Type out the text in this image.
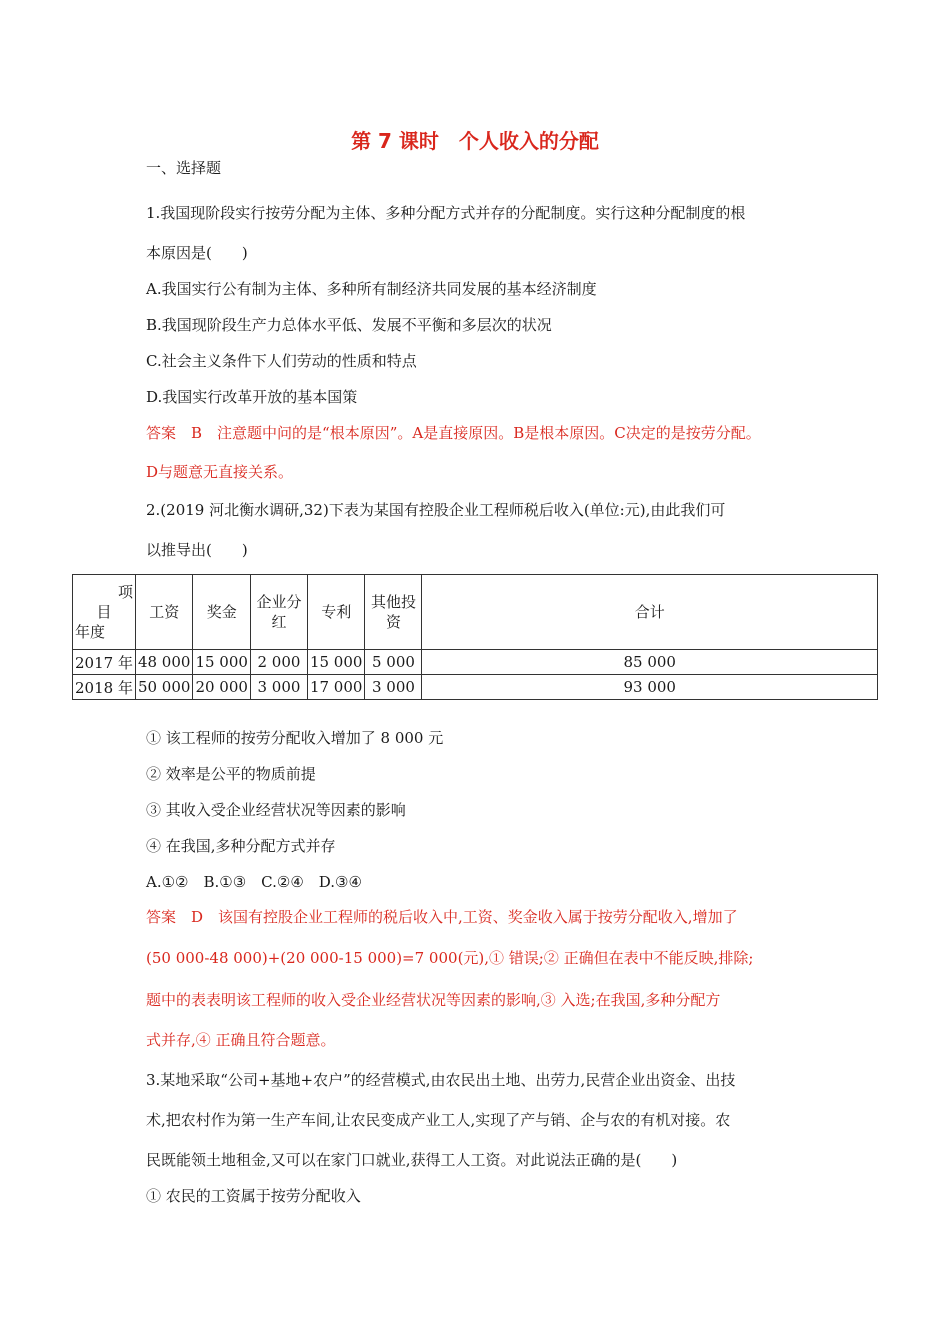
第 7 课时　个人收入的分配
一、选择题
1.我国现阶段实行按劳分配为主体、多种分配方式并存的分配制度。实行这种分配制度的根
本原因是(　　)
A.我国实行公有制为主体、多种所有制经济共同发展的基本经济制度
B.我国现阶段生产力总体水平低、发展不平衡和多层次的状况
C.社会主义条件下人们劳动的性质和特点
D.我国实行改革开放的基本国策
答案　B　注意题中问的是“根本原因”。A是直接原因。B是根本原因。C决定的是按劳分配。
D与题意无直接关系。
2.(2019 河北衡水调研,32)下表为某国有控股企业工程师税后收入(单位:元),由此我们可
以推导出(　　)
项
目
年度	工资	奖金	企业分红	专利	其他投资	合计
2017 年	48 000	15 000	2 000	15 000	5 000	85 000
2018 年	50 000	20 000	3 000	17 000	3 000	93 000
① 该工程师的按劳分配收入增加了 8 000 元
② 效率是公平的物质前提
③ 其收入受企业经营状况等因素的影响
④ 在我国,多种分配方式并存
A.①②　B.①③　C.②④　D.③④
答案　D　该国有控股企业工程师的税后收入中,工资、奖金收入属于按劳分配收入,增加了
(50 000-48 000)+(20 000-15 000)=7 000(元),① 错误;② 正确但在表中不能反映,排除;
题中的表表明该工程师的收入受企业经营状况等因素的影响,③ 入选;在我国,多种分配方
式并存,④ 正确且符合题意。
3.某地采取“公司+基地+农户”的经营模式,由农民出土地、出劳力,民营企业出资金、出技
术,把农村作为第一生产车间,让农民变成产业工人,实现了产与销、企与农的有机对接。农
民既能领土地租金,又可以在家门口就业,获得工人工资。对此说法正确的是(　　)
① 农民的工资属于按劳分配收入
